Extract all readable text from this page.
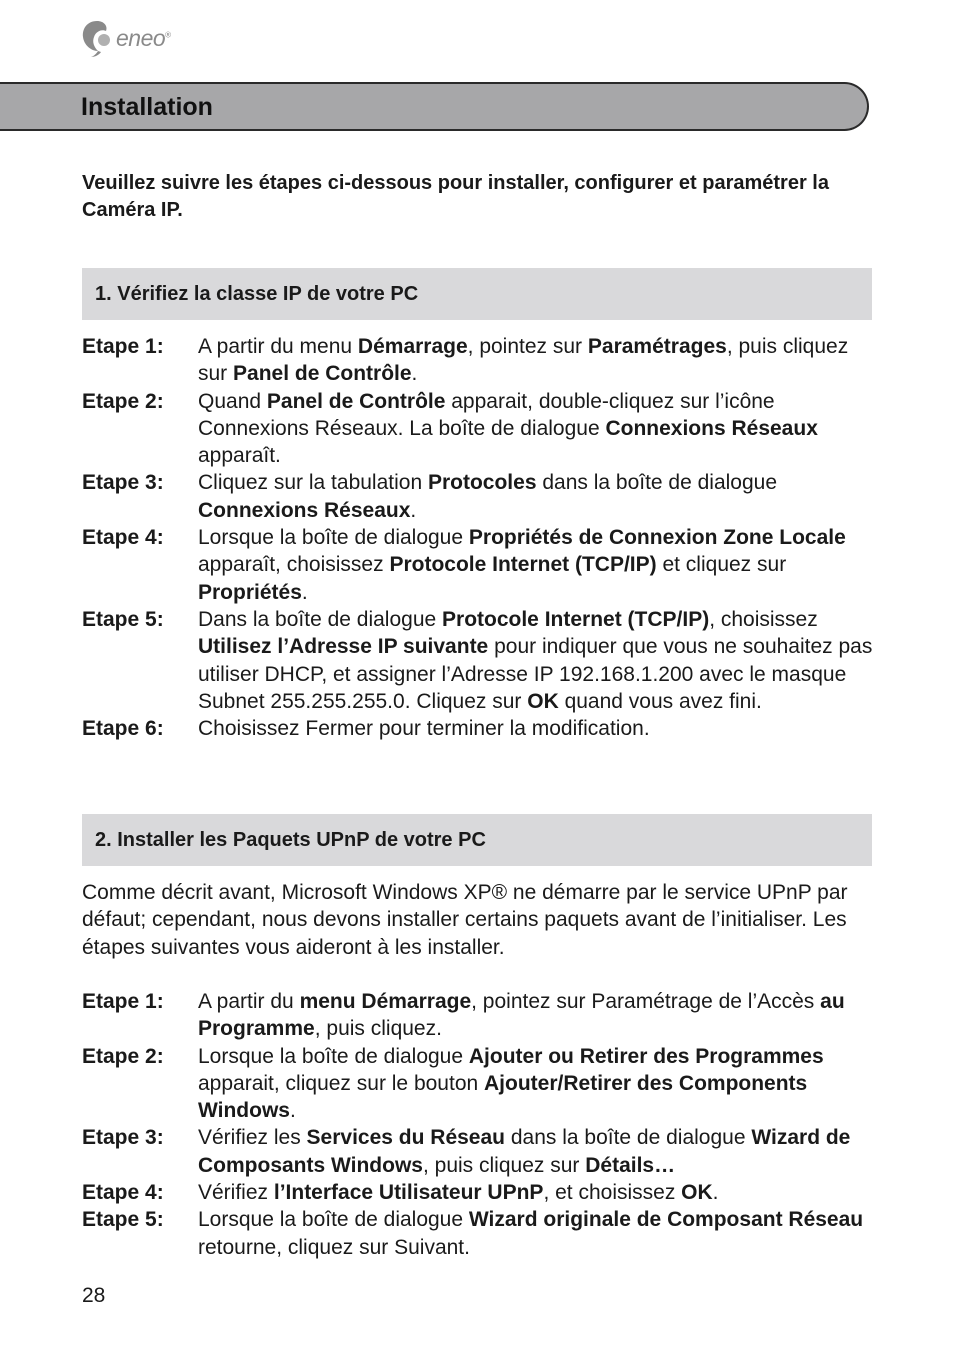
eneo®
Installation
Veuillez suivre les étapes ci-dessous pour installer, configurer et paramétrer la Caméra IP.
1. Vérifiez la classe IP de votre PC
Etape 1:	A partir du menu Démarrage, pointez sur Paramétrages, puis cliquez sur Panel de Contrôle.
Etape 2:	Quand Panel de Contrôle apparait, double-cliquez sur l’icône Connexions Réseaux. La boîte de dialogue Connexions Réseaux apparaît.
Etape 3:	Cliquez sur la tabulation Protocoles dans la boîte de dialogue Connexions Réseaux.
Etape 4:	Lorsque la boîte de dialogue Propriétés de Connexion Zone Locale apparaît, choisissez Protocole Internet (TCP/IP) et cliquez sur Propriétés.
Etape 5:	Dans la boîte de dialogue Protocole Internet (TCP/IP), choisissez Utilisez l’Adresse IP suivante pour indiquer que vous ne souhaitez pas utiliser DHCP, et assigner l’Adresse IP 192.168.1.200 avec le masque Subnet 255.255.255.0. Cliquez sur OK quand vous avez fini.
Etape 6:	Choisissez Fermer pour terminer la modification.
2. Installer les Paquets UPnP de votre PC
Comme décrit avant, Microsoft Windows XP® ne démarre par le service UPnP par défaut; cependant, nous devons installer certains paquets avant de l’initialiser. Les étapes suivantes vous aideront à les installer.
Etape 1:	A partir du menu Démarrage, pointez sur Paramétrage de l’Accès au Programme, puis cliquez.
Etape 2:	Lorsque la boîte de dialogue Ajouter ou Retirer des Programmes apparait, cliquez sur le bouton Ajouter/Retirer des Components Windows.
Etape 3:	Vérifiez les Services du Réseau dans la boîte de dialogue Wizard de Composants Windows, puis cliquez sur Détails…
Etape 4:	Vérifiez l’Interface Utilisateur UPnP, et choisissez OK.
Etape 5:	Lorsque la boîte de dialogue Wizard originale de Composant Réseau retourne, cliquez sur Suivant.
28
